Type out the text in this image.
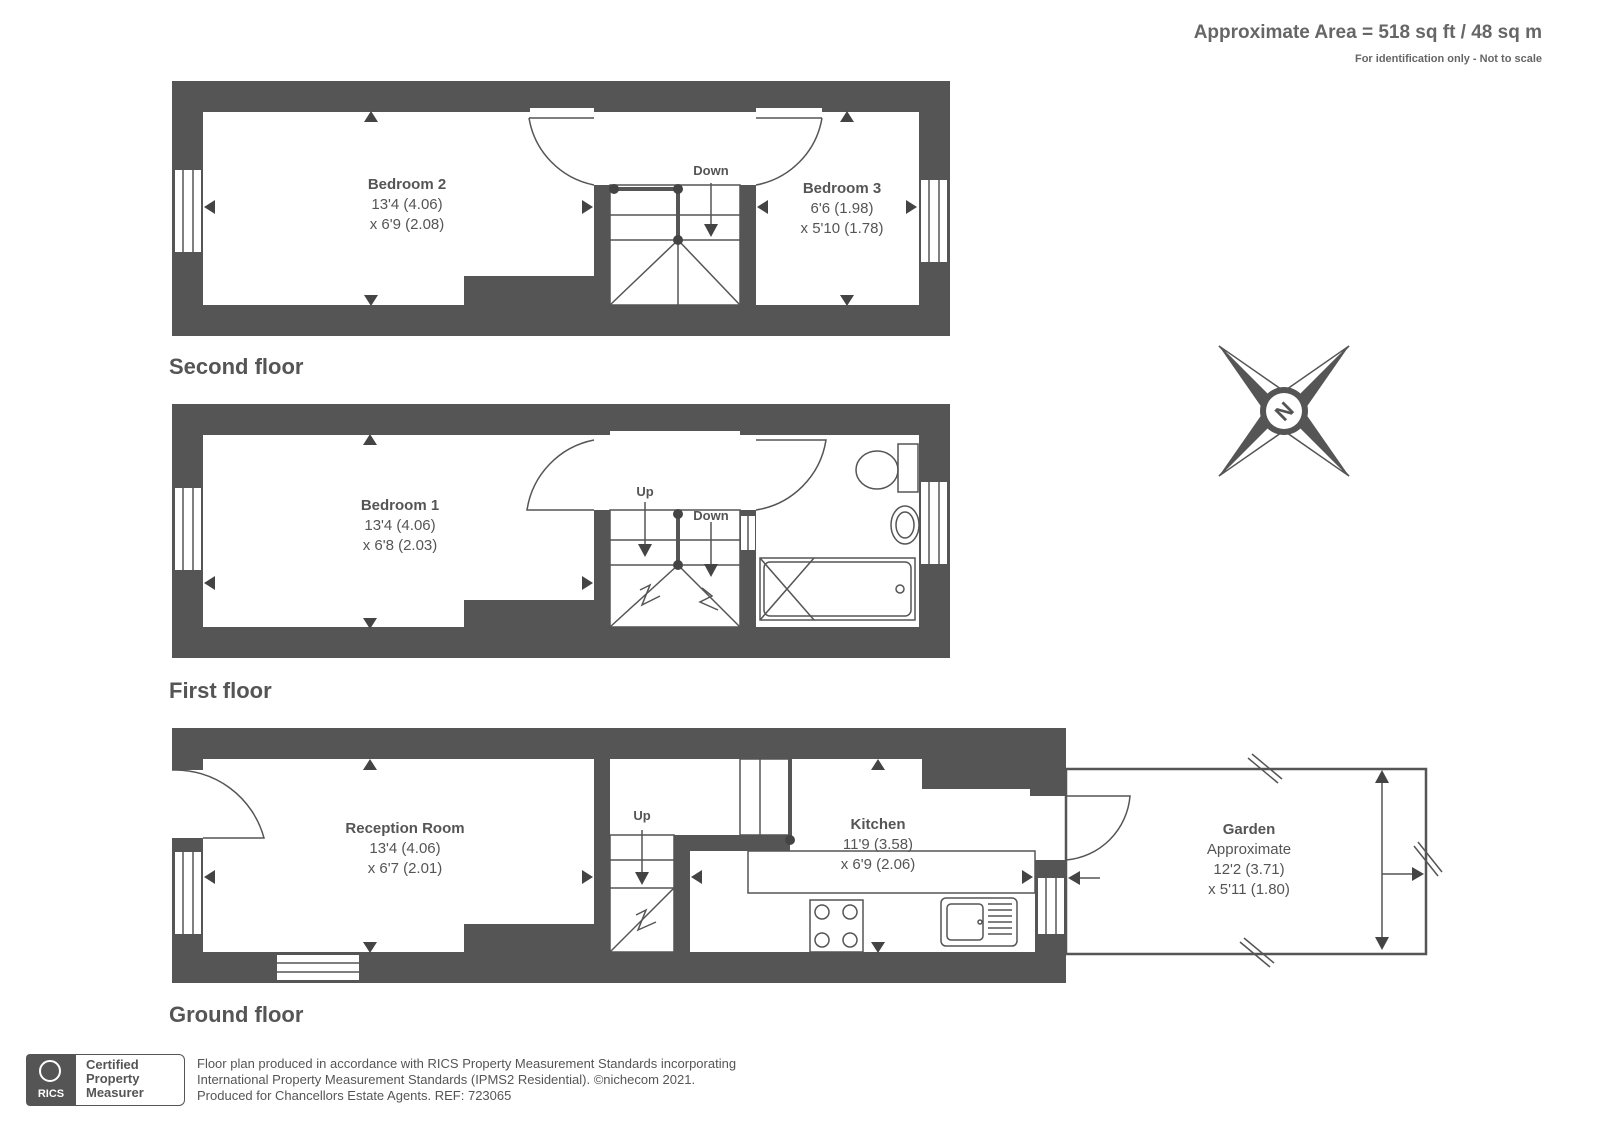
Approximate Area = 518 sq ft / 48 sq m
For identification only - Not to scale
Bedroom 2
13'4 (4.06)
x 6'9 (2.08)
Bedroom 3
6'6 (1.98)
x 5'10 (1.78)
Down
Second floor
Bedroom 1
13'4 (4.06)
x 6'8 (2.03)
Up
Down
First floor
Reception Room
13'4 (4.06)
x 6'7 (2.01)
Kitchen
11'9 (3.58)
x 6'9 (2.06)
Garden
Approximate
12'2 (3.71)
x 5'11 (1.80)
Up
Ground floor
N
RICS
Certified
Property
Measurer
Floor plan produced in accordance with RICS Property Measurement Standards incorporating
International Property Measurement Standards (IPMS2 Residential). ©nichecom 2021.
Produced for Chancellors Estate Agents. REF: 723065
